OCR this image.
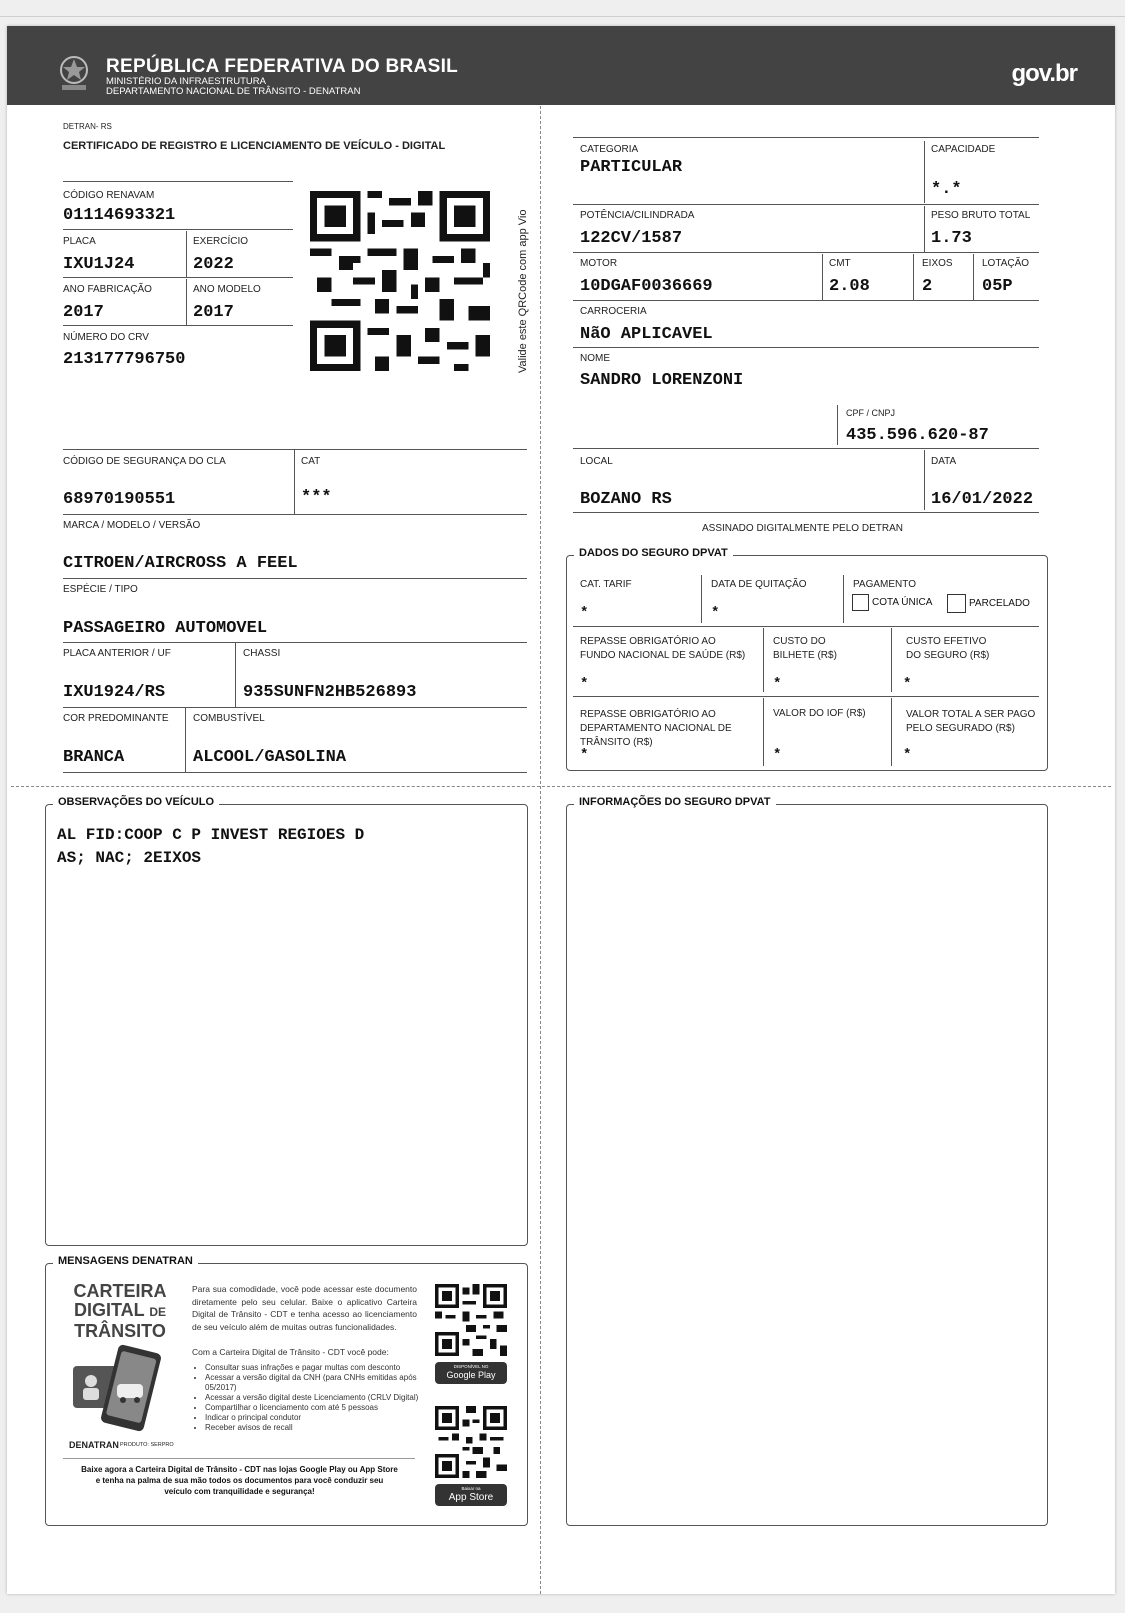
REPÚBLICA FEDERATIVA DO BRASIL
MINISTÉRIO DA INFRAESTRUTURA
DEPARTAMENTO NACIONAL DE TRÂNSITO - DENATRAN
gov.br
DETRAN- RS
CERTIFICADO DE REGISTRO E LICENCIAMENTO DE VEÍCULO - DIGITAL
CÓDIGO RENAVAM
01114693321
PLACA
IXU1J24
EXERCÍCIO
2022
ANO FABRICAÇÃO
2017
ANO MODELO
2017
NÚMERO DO CRV
213177796750	Valide este QRCode com app Vio
CÓDIGO DE SEGURANÇA DO CLA
68970190551
CAT
***
MARCA / MODELO / VERSÃO
CITROEN/AIRCROSS A FEEL
ESPÉCIE / TIPO
PASSAGEIRO AUTOMOVEL
PLACA ANTERIOR / UF
IXU1924/RS
CHASSI
935SUNFN2HB526893
COR PREDOMINANTE
BRANCA
COMBUSTÍVEL
ALCOOL/GASOLINA
CATEGORIA
PARTICULAR
CAPACIDADE
*.*
POTÊNCIA/CILINDRADA
122CV/1587
PESO BRUTO TOTAL
1.73
MOTOR
10DGAF0036669
CMT
2.08
EIXOS
2
LOTAÇÃO
05P
CARROCERIA
NãO APLICAVEL
NOME
SANDRO LORENZONI
CPF / CNPJ
435.596.620-87
LOCAL
BOZANO RS
DATA
16/01/2022
ASSINADO DIGITALMENTE PELO DETRAN
DADOS DO SEGURO DPVAT
CAT. TARIF
*
DATA DE QUITAÇÃO
*
PAGAMENTO
COTA ÚNICA	PARCELADO
REPASSE OBRIGATÓRIO AO
FUNDO NACIONAL DE SAÚDE (R$)
*
CUSTO DO
BILHETE (R$)
*
CUSTO EFETIVO
DO SEGURO (R$)
*
REPASSE OBRIGATÓRIO AO
DEPARTAMENTO NACIONAL DE
TRÂNSITO (R$)
*
VALOR DO IOF (R$)
*
VALOR TOTAL A SER PAGO
PELO SEGURADO (R$)
*
OBSERVAÇÕES DO VEÍCULO
AL FID:COOP C P INVEST REGIOES D
AS; NAC; 2EIXOS
INFORMAÇÕES DO SEGURO DPVAT
MENSAGENS DENATRAN
CARTEIRA
DIGITAL DE
TRÂNSITO
DENATRAN PRODUTO: SERPRO
Para sua comodidade, você pode acessar este documento diretamente pelo seu celular. Baixe o aplicativo Carteira Digital de Trânsito - CDT e tenha acesso ao licenciamento de seu veículo além de muitas outras funcionalidades.
Com a Carteira Digital de Trânsito - CDT você pode:
• Consultar suas infrações e pagar multas com desconto
• Acessar a versão digital da CNH (para CNHs emitidas após 05/2017)
• Acessar a versão digital deste Licenciamento (CRLV Digital)
• Compartilhar o licenciamento com até 5 pessoas
• Indicar o principal condutor
• Receber avisos de recall
Baixe agora a Carteira Digital de Trânsito - CDT nas lojas Google Play ou App Store
e tenha na palma de sua mão todos os documentos para você conduzir seu
veículo com tranquilidade e segurança!
DISPONÍVEL NO
Google Play
Baixar na
App Store
